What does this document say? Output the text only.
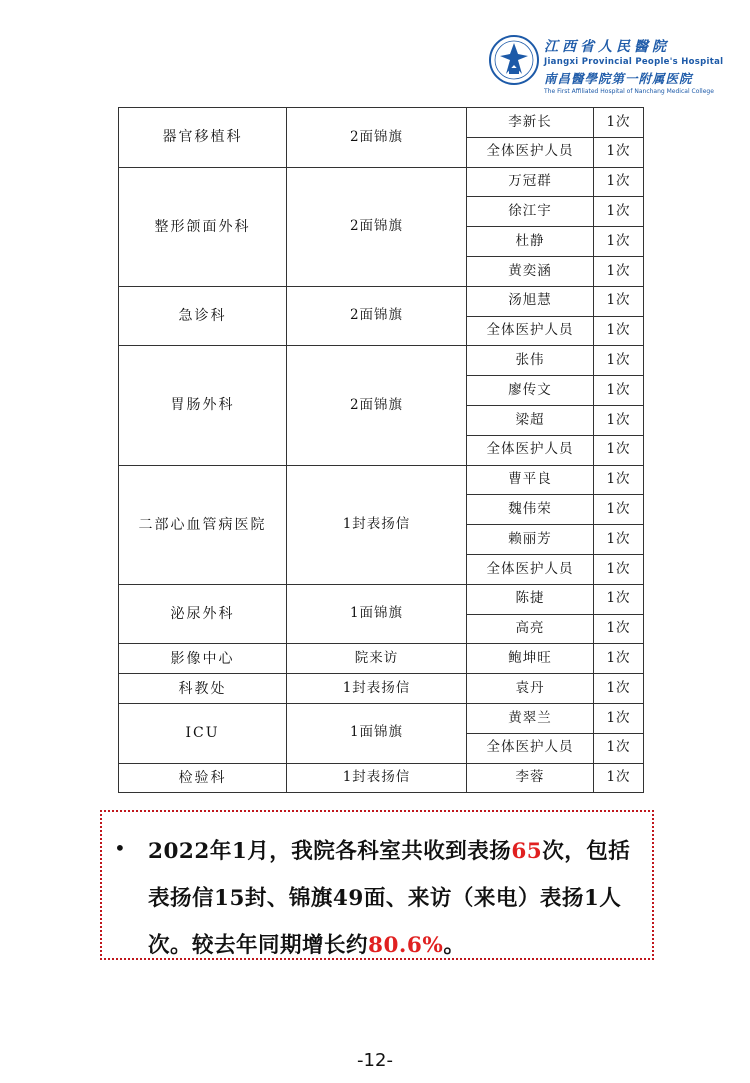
江西省人民醫院
Jiangxi Provincial People's Hospital
南昌醫學院第一附属医院
The First Affiliated Hospital of Nanchang Medical College
器官移植科	2面锦旗	李新长	1次
		全体医护人员	1次
整形颌面外科	2面锦旗	万冠群	1次
		徐江宇	1次
		杜静	1次
		黄奕涵	1次
急诊科	2面锦旗	汤旭慧	1次
		全体医护人员	1次
胃肠外科	2面锦旗	张伟	1次
		廖传文	1次
		梁超	1次
		全体医护人员	1次
二部心血管病医院	1封表扬信	曹平良	1次
		魏伟荣	1次
		赖丽芳	1次
		全体医护人员	1次
泌尿外科	1面锦旗	陈捷	1次
		高亮	1次
影像中心	院来访	鲍坤旺	1次
科教处	1封表扬信	袁丹	1次
ICU	1面锦旗	黄翠兰	1次
		全体医护人员	1次
检验科	1封表扬信	李蓉	1次
• 2022年1月，我院各科室共收到表扬65次，包括表扬信15封、锦旗49面、来访（来电）表扬1人次。较去年同期增长约80.6%。
-12-
